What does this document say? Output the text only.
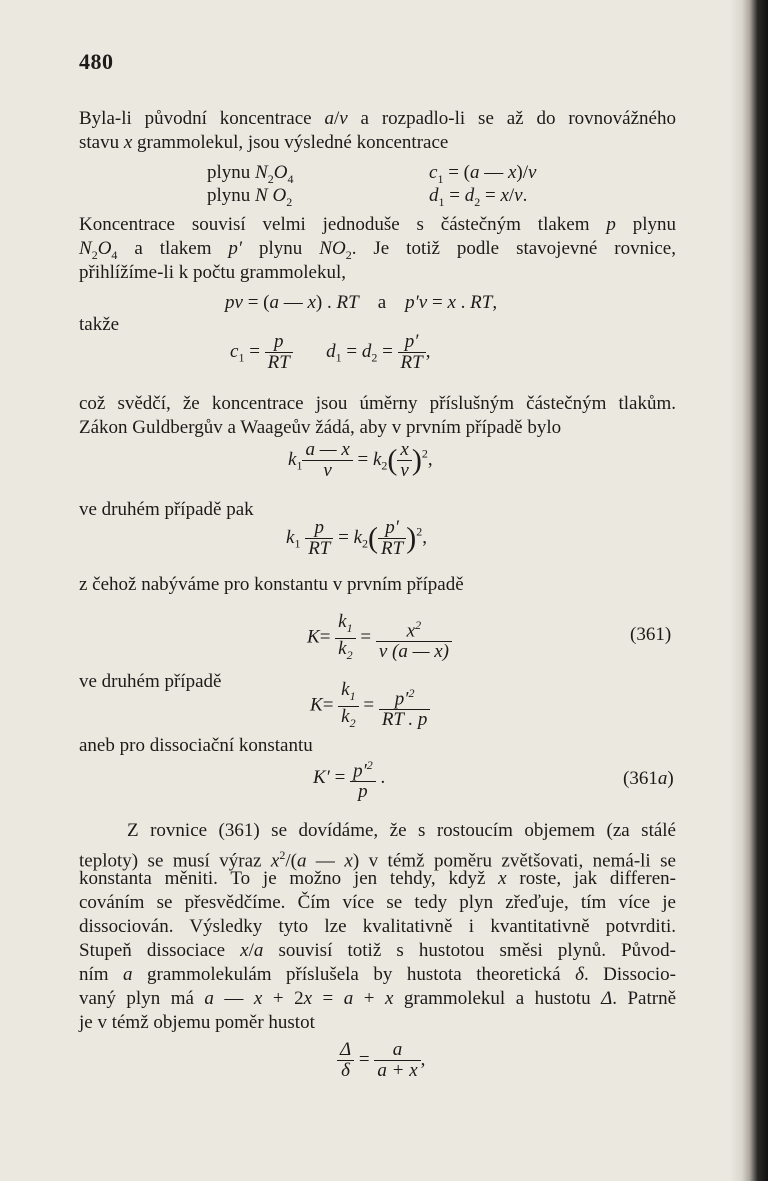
480
Byla-li původní koncentrace a/v a rozpadlo-li se až do rovnovážného
stavu x grammolekul, jsou výsledné koncentrace
plynu $N_2O_4$	$c_1 = (a$ — x)/v
plynu N $O_2$	$d_1 = d_2 = x/v$.
Koncentrace souvisí velmi jednoduše s částečným tlakem p plynu
$N_2O_4$ a tlakem p′ plynu $NO_2$. Je totiž podle stavojevné rovnice,
přihlížíme-li k počtu grammolekul,
pv = (a — x) . RT    a    p′v = x . RT,
takže
$c_1 = \frac{p}{RT} d_1 = d_2 = \frac{p'}{RT}$ ,
což svědčí, že koncentrace jsou úměrny příslušným částečným tlakům.
Zákon Guldbergův a Waageův žádá, aby v prvním případě bylo
$k_1 \frac{a — x}{v} = k_2( \frac{x}{v} )^2$,
ve druhém případě pak
$k_1 \frac{p}{RT} = k_2( \frac{p'}{RT} )^2$,
z čehož nabýváme pro konstantu v prvním případě
$K= \frac{k_1}{k_2} = \frac{x^2}{v (a — x)}$	(361)
ve druhém případě
$K= \frac{k_1}{k_2} = \frac{p'^2}{RT . p}$
aneb pro dissociační konstantu
$K' = \frac{p'^2}{p}$ .	(361a)
Z rovnice (361) se dovídáme, že s rostoucím objemem (za stálé
teploty) se musí výraz $x^2/(a$ — x) v témž poměru zvětšovati, nemá-li se
konstanta měniti. To je možno jen tehdy, když x roste, jak differen-
cováním se přesvědčíme. Čím více se tedy plyn zřeďuje, tím více je
dissociován. Výsledky tyto lze kvalitativně i kvantitativně potvrditi.
Stupeň dissociace x/a souvisí totiž s hustotou směsi plynů. Původ-
ním a grammolekulám příslušela by hustota theoretická δ. Dissocio-
vaný plyn má a — x + 2x = a + x grammolekul a hustotu Δ. Patrně
je v témž objemu poměr hustot
$\frac{\Delta}{\delta} = \frac{a}{a + x}$ ,
